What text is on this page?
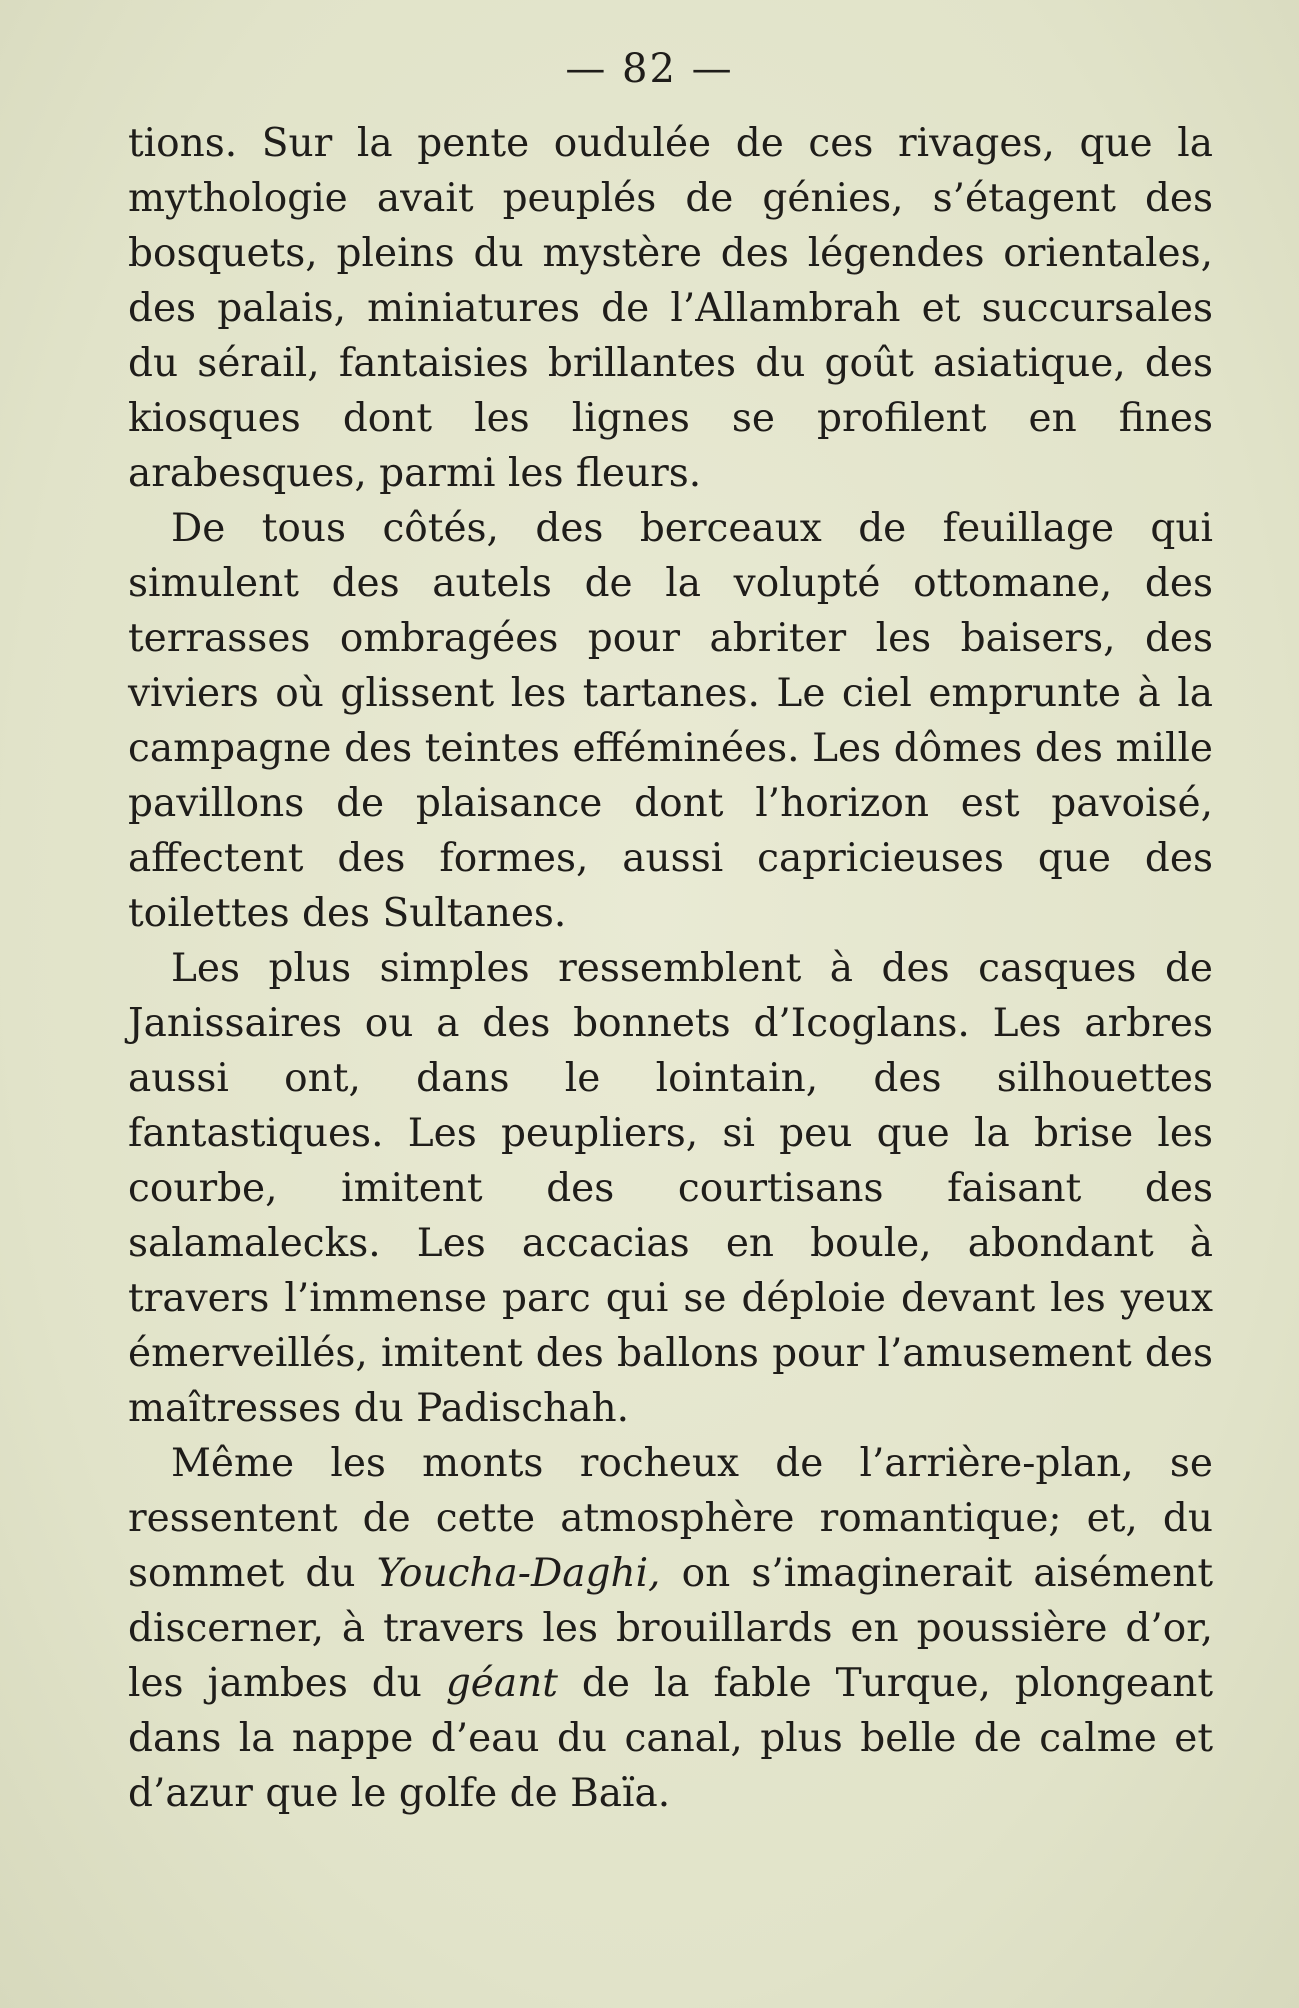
— 82 —

tions. Sur la pente oudulée de ces rivages, que la mythologie avait peuplés de génies, s’étagent des bosquets, pleins du mystère des légendes orientales, des palais, miniatures de l’Allambrah et succursales du sérail, fantaisies brillantes du goût asiatique, des kiosques dont les lignes se profilent en fines arabesques, parmi les fleurs.

De tous côtés, des berceaux de feuillage qui simulent des autels de la volupté ottomane, des terrasses ombragées pour abriter les baisers, des viviers où glissent les tartanes. Le ciel emprunte à la campagne des teintes efféminées. Les dômes des mille pavillons de plaisance dont l’horizon est pavoisé, affectent des formes, aussi capricieuses que des toilettes des Sultanes.

Les plus simples ressemblent à des casques de Janissaires ou a des bonnets d’Icoglans. Les arbres aussi ont, dans le lointain, des silhouettes fantastiques. Les peupliers, si peu que la brise les courbe, imitent des courtisans faisant des salamalecks. Les accacias en boule, abondant à travers l’immense parc qui se déploie devant les yeux émerveillés, imitent des ballons pour l’amusement des maîtresses du Padischah.

Même les monts rocheux de l’arrière-plan, se ressentent de cette atmosphère romantique; et, du sommet du Youcha-Daghi, on s’imaginerait aisément discerner, à travers les brouillards en poussière d’or, les jambes du géant de la fable Turque, plongeant dans la nappe d’eau du canal, plus belle de calme et d’azur que le golfe de Baïa.
